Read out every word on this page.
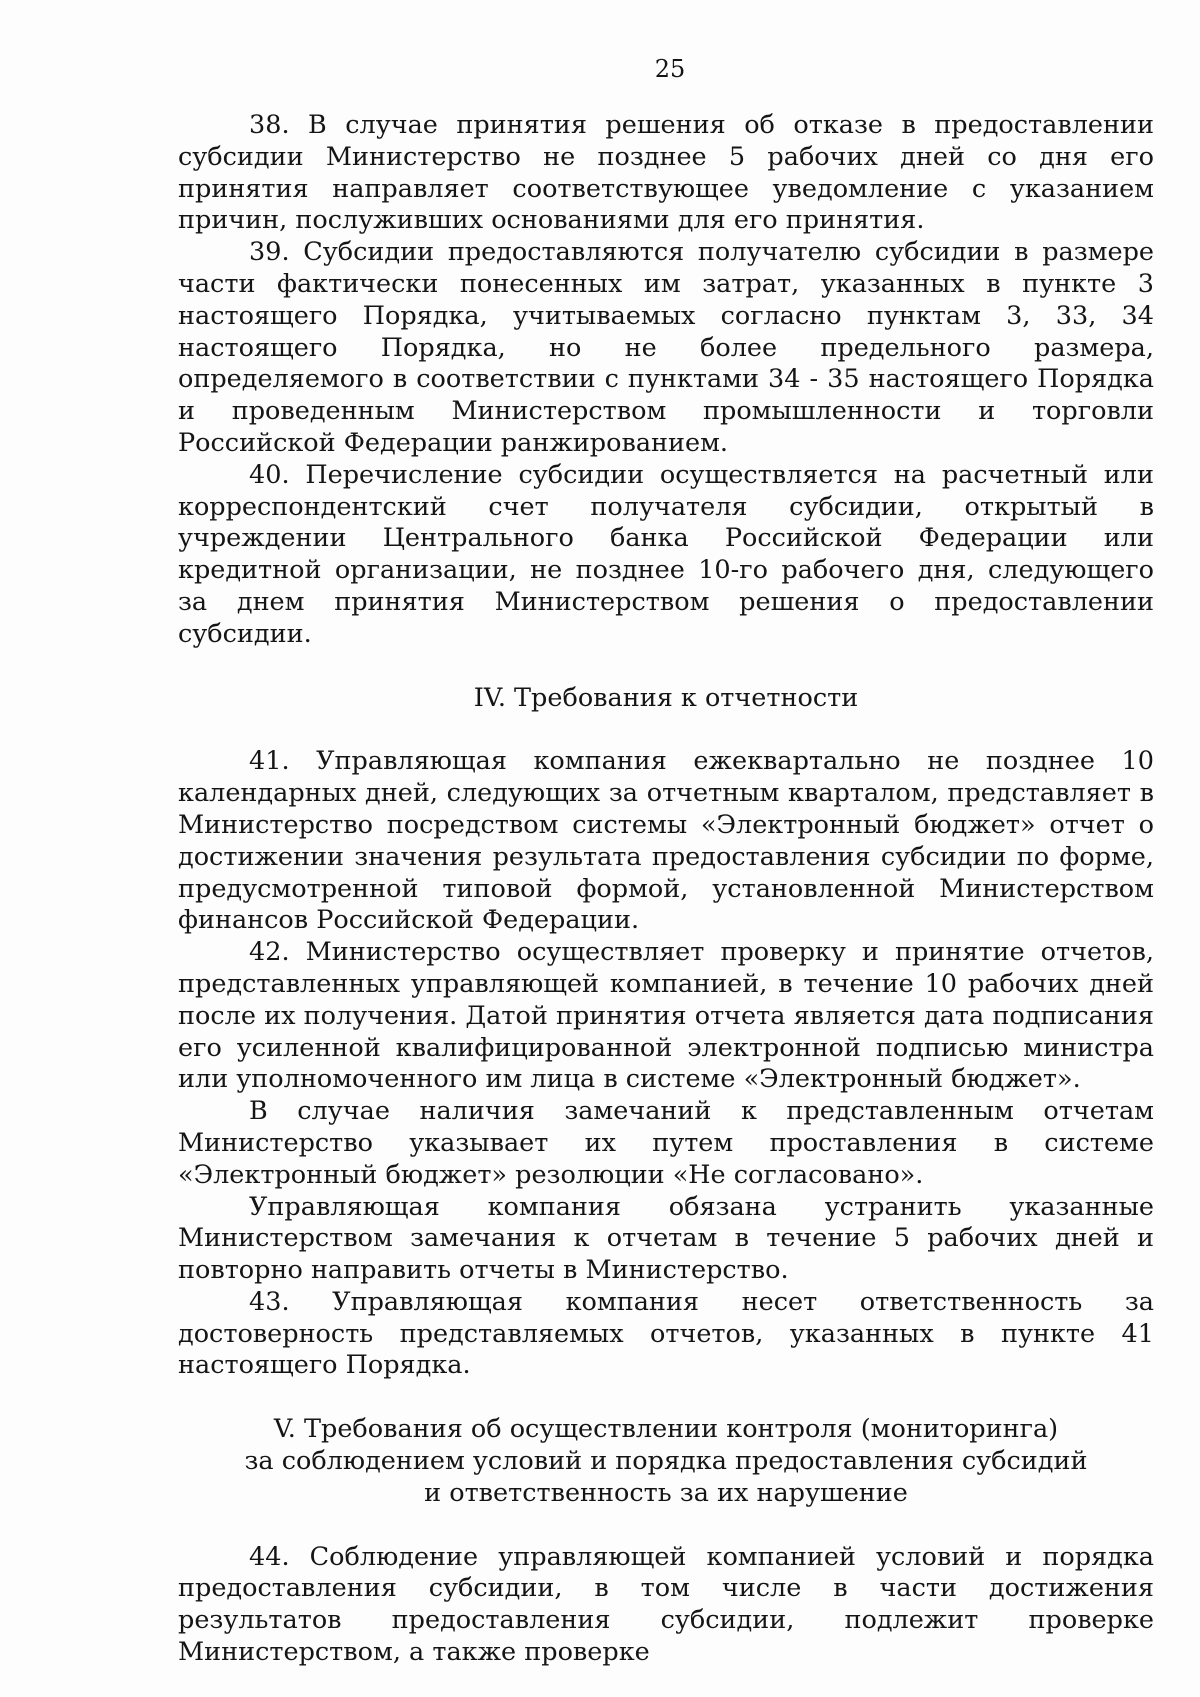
25

38. В случае принятия решения об отказе в предоставлении субсидии Министерство не позднее 5 рабочих дней со дня его принятия направляет соответствующее уведомление с указанием причин, послуживших основаниями для его принятия.

39. Субсидии предоставляются получателю субсидии в размере части фактически понесенных им затрат, указанных в пункте 3 настоящего Порядка, учитываемых согласно пунктам 3, 33, 34 настоящего Порядка, но не более предельного размера, определяемого в соответствии с пунктами 34 - 35 настоящего Порядка и проведенным Министерством промышленности и торговли Российской Федерации ранжированием.

40. Перечисление субсидии осуществляется на расчетный или корреспондентский счет получателя субсидии, открытый в учреждении Центрального банка Российской Федерации или кредитной организации, не позднее 10-го рабочего дня, следующего за днем принятия Министерством решения о предоставлении субсидии.

IV. Требования к отчетности

41. Управляющая компания ежеквартально не позднее 10 календарных дней, следующих за отчетным кварталом, представляет в Министерство посредством системы «Электронный бюджет» отчет о достижении значения результата предоставления субсидии по форме, предусмотренной типовой формой, установленной Министерством финансов Российской Федерации.

42. Министерство осуществляет проверку и принятие отчетов, представленных управляющей компанией, в течение 10 рабочих дней после их получения. Датой принятия отчета является дата подписания его усиленной квалифицированной электронной подписью министра или уполномоченного им лица в системе «Электронный бюджет».

В случае наличия замечаний к представленным отчетам Министерство указывает их путем проставления в системе «Электронный бюджет» резолюции «Не согласовано».

Управляющая компания обязана устранить указанные Министерством замечания к отчетам в течение 5 рабочих дней и повторно направить отчеты в Министерство.

43. Управляющая компания несет ответственность за достоверность представляемых отчетов, указанных в пункте 41 настоящего Порядка.

V. Требования об осуществлении контроля (мониторинга)
за соблюдением условий и порядка предоставления субсидий
и ответственность за их нарушение

44. Соблюдение управляющей компанией условий и порядка предоставления субсидии, в том числе в части достижения результатов предоставления субсидии, подлежит проверке Министерством, а также проверке
